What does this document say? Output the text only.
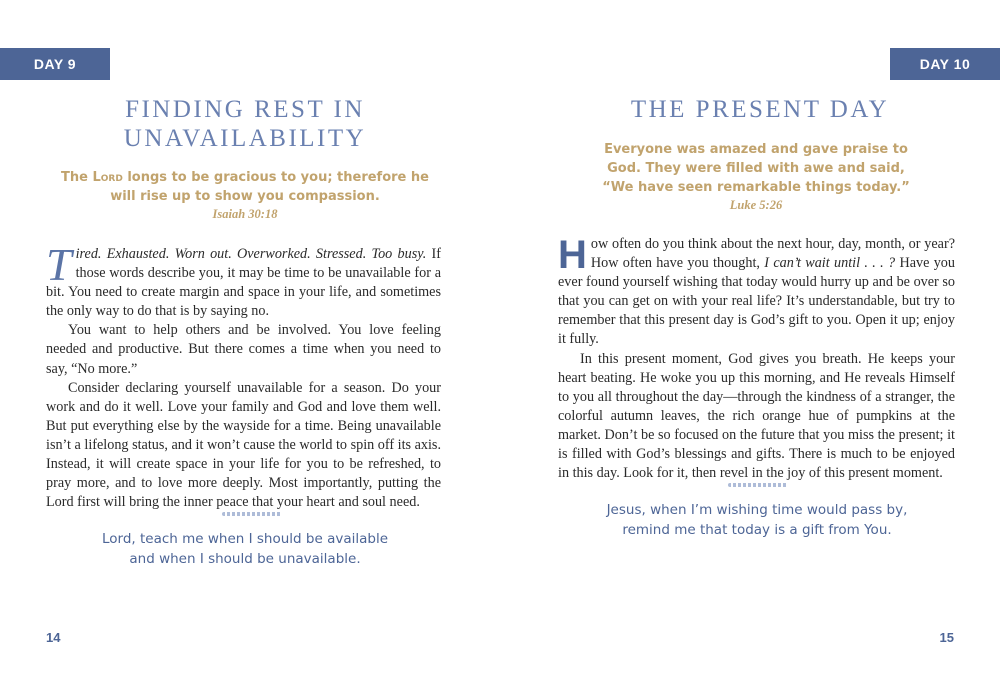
DAY 9
FINDING REST IN UNAVAILABILITY
The Lord longs to be gracious to you; therefore he will rise up to show you compassion.
Isaiah 30:18

Tired. Exhausted. Worn out. Overworked. Stressed. Too busy. If those words describe you, it may be time to be unavailable for a bit. You need to create margin and space in your life, and sometimes the only way to do that is by saying no.

You want to help others and be involved. You love feeling needed and productive. But there comes a time when you need to say, “No more.”

Consider declaring yourself unavailable for a season. Do your work and do it well. Love your family and God and love them well. But put everything else by the wayside for a time. Being unavailable isn’t a lifelong status, and it won’t cause the world to spin off its axis. Instead, it will create space in your life for you to be refreshed, to pray more, and to love more deeply. Most importantly, putting the Lord first will bring the inner peace that your heart and soul need.

Lord, teach me when I should be available
and when I should be unavailable.
14
DAY 10
THE PRESENT DAY
Everyone was amazed and gave praise to
God. They were filled with awe and said,
“We have seen remarkable things today.”
Luke 5:26

How often do you think about the next hour, day, month, or year? How often have you thought, I can’t wait until . . . ? Have you ever found yourself wishing that today would hurry up and be over so that you can get on with your real life? It’s understandable, but try to remember that this present day is God’s gift to you. Open it up; enjoy it fully.

In this present moment, God gives you breath. He keeps your heart beating. He woke you up this morning, and He reveals Himself to you all throughout the day—through the kindness of a stranger, the colorful autumn leaves, the rich orange hue of pumpkins at the market. Don’t be so focused on the future that you miss the present; it is filled with God’s blessings and gifts. There is much to be enjoyed in this day. Look for it, then revel in the joy of this present moment.

Jesus, when I’m wishing time would pass by,
remind me that today is a gift from You.
15
